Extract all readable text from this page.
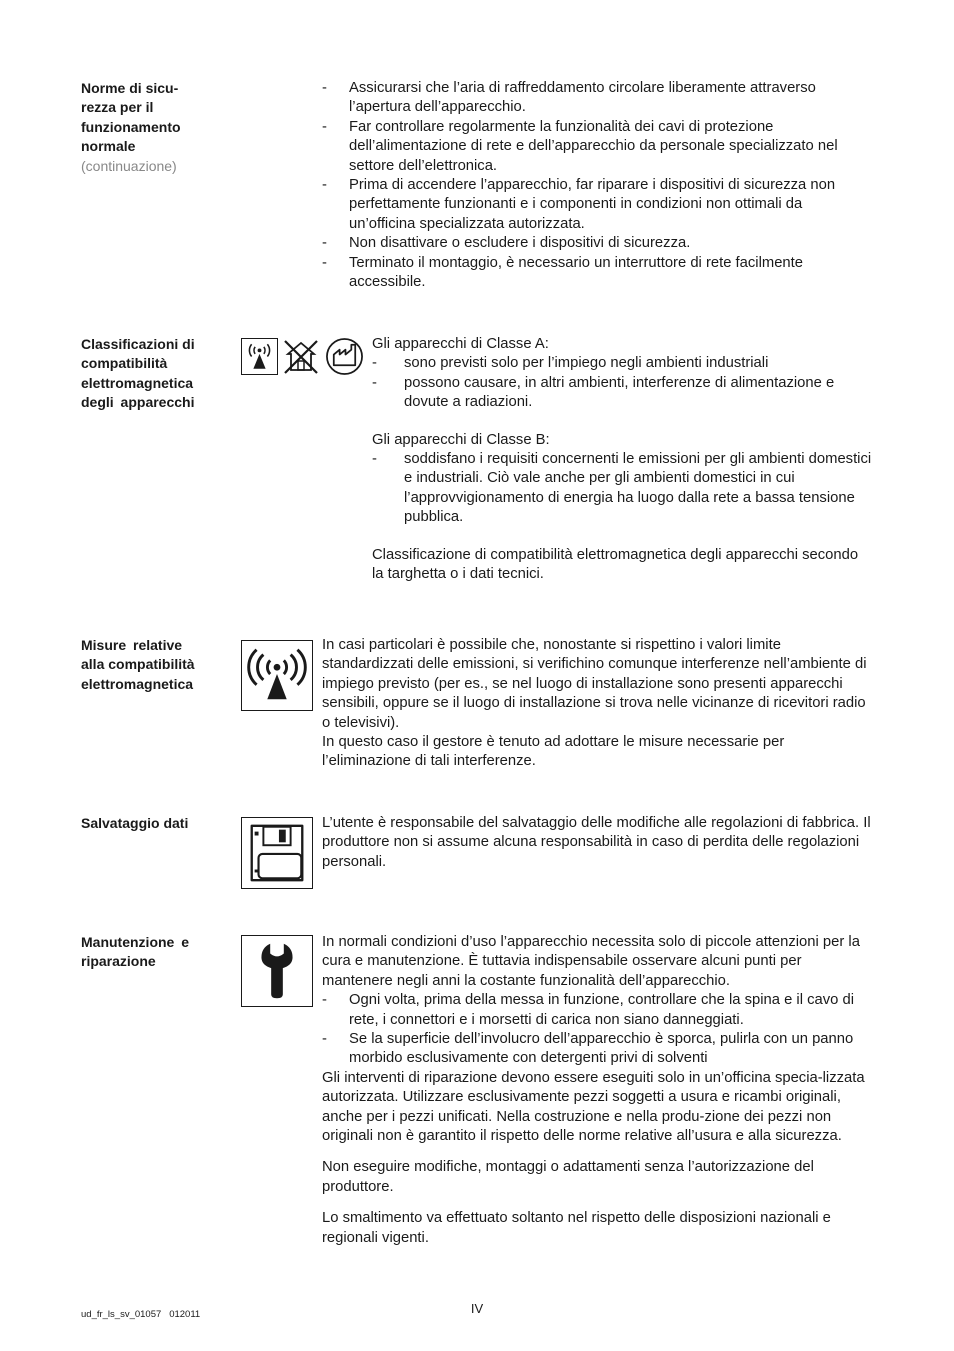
Norme di sicu-
rezza per il
funzionamento
normale
(continuazione)
- Assicurarsi che l’aria di raffreddamento circolare liberamente attraverso l’apertura dell’apparecchio.
- Far controllare regolarmente la funzionalità dei cavi di protezione dell’alimentazione di rete e dell’apparecchio da personale specializzato nel settore dell’elettronica.
- Prima di accendere l’apparecchio, far riparare i dispositivi di sicurezza non perfettamente funzionanti e i componenti in condizioni non ottimali da un’officina specializzata autorizzata.
- Non disattivare o escludere i dispositivi di sicurezza.
- Terminato il montaggio, è necessario un interruttore di rete facilmente accessibile.
Classificazioni di
compatibilità
elettromagnetica
degli apparecchi

Gli apparecchi di Classe A:

- sono previsti solo per l’impiego negli ambienti industriali
- possono causare, in altri ambienti, interferenze di alimentazione e dovute a radiazioni.

Gli apparecchi di Classe B:

- soddisfano i requisiti concernenti le emissioni per gli ambienti domestici e industriali. Ciò vale anche per gli ambienti domestici in cui l’approvvigionamento di energia ha luogo dalla rete a bassa tensione pubblica.

Classificazione di compatibilità elettromagnetica degli apparecchi secondo la targhetta o i dati tecnici.

Misure relative
alla compatibilità
elettromagnetica

In casi particolari è possibile che, nonostante si rispettino i valori limite standardizzati delle emissioni, si verifichino comunque interferenze nell’ambiente di impiego previsto (per es., se nel luogo di installazione sono presenti apparecchi sensibili, oppure se il luogo di installazione si trova nelle vicinanze di ricevitori radio o televisivi).

In questo caso il gestore è tenuto ad adottare le misure necessarie per l’eliminazione di tali interferenze.

Salvataggio dati	L’utente è responsabile del salvataggio delle modifiche alle regolazioni di fabbrica. Il produttore non si assume alcuna responsabilità in caso di perdita delle regolazioni personali.

Manutenzione e
riparazione

In normali condizioni d’uso l’apparecchio necessita solo di piccole attenzioni per la cura e manutenzione. È tuttavia indispensabile osservare alcuni punti per mantenere negli anni la costante funzionalità dell’apparecchio.

- Ogni volta, prima della messa in funzione, controllare che la spina e il cavo di rete, i connettori e i morsetti di carica non siano danneggiati.
- Se la superficie dell’involucro dell’apparecchio è sporca, pulirla con un panno morbido esclusivamente con detergenti privi di solventi

Gli interventi di riparazione devono essere eseguiti solo in un’officina specia-lizzata autorizzata. Utilizzare esclusivamente pezzi soggetti a usura e ricambi originali, anche per i pezzi unificati. Nella costruzione e nella produ-zione dei pezzi non originali non è garantito il rispetto delle norme relative all’usura e alla sicurezza.

Non eseguire modifiche, montaggi o adattamenti senza l’autorizzazione del produttore.

Lo smaltimento va effettuato soltanto nel rispetto delle disposizioni nazionali e regionali vigenti.

IV
ud_fr_ls_sv_01057   012011
